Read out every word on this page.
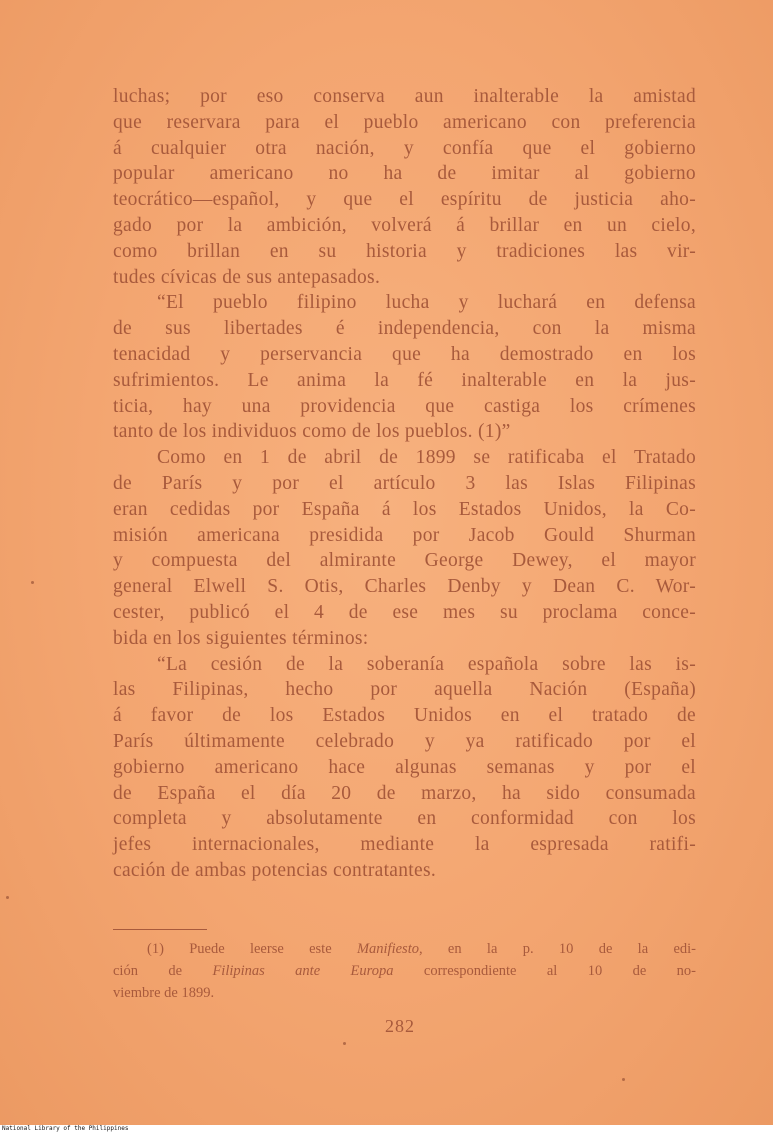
luchas; por eso conserva aun inalterable la amistad
que reservara para el pueblo americano con preferencia
á cualquier otra nación, y confía que el gobierno
popular americano no ha de imitar al gobierno
teocrático—español, y que el espíritu de justicia aho-
gado por la ambición, volverá á brillar en un cielo,
como brillan en su historia y tradiciones las vir-
tudes cívicas de sus antepasados.

“El pueblo filipino lucha y luchará en defensa
de sus libertades é independencia, con la misma
tenacidad y perservancia que ha demostrado en los
sufrimientos. Le anima la fé inalterable en la jus-
ticia, hay una providencia que castiga los crímenes
tanto de los individuos como de los pueblos. (1)”

Como en 1 de abril de 1899 se ratificaba el Tratado
de París y por el artículo 3 las Islas Filipinas
eran cedidas por España á los Estados Unidos, la Co-
misión americana presidida por Jacob Gould Shurman
y compuesta del almirante George Dewey, el mayor
general Elwell S. Otis, Charles Denby y Dean C. Wor-
cester, publicó el 4 de ese mes su proclama conce-
bida en los siguientes términos:

“La cesión de la soberanía española sobre las is-
las Filipinas, hecho por aquella Nación (España)
á favor de los Estados Unidos en el tratado de
París últimamente celebrado y ya ratificado por el
gobierno americano hace algunas semanas y por el
de España el día 20 de marzo, ha sido consumada
completa y absolutamente en conformidad con los
jefes internacionales, mediante la espresada ratifi-
cación de ambas potencias contratantes.

(1) Puede leerse este Manifiesto, en la p. 10 de la edi-
ción de Filipinas ante Europa correspondiente al 10 de no-
viembre de 1899.
282
National Library of the Philippines
